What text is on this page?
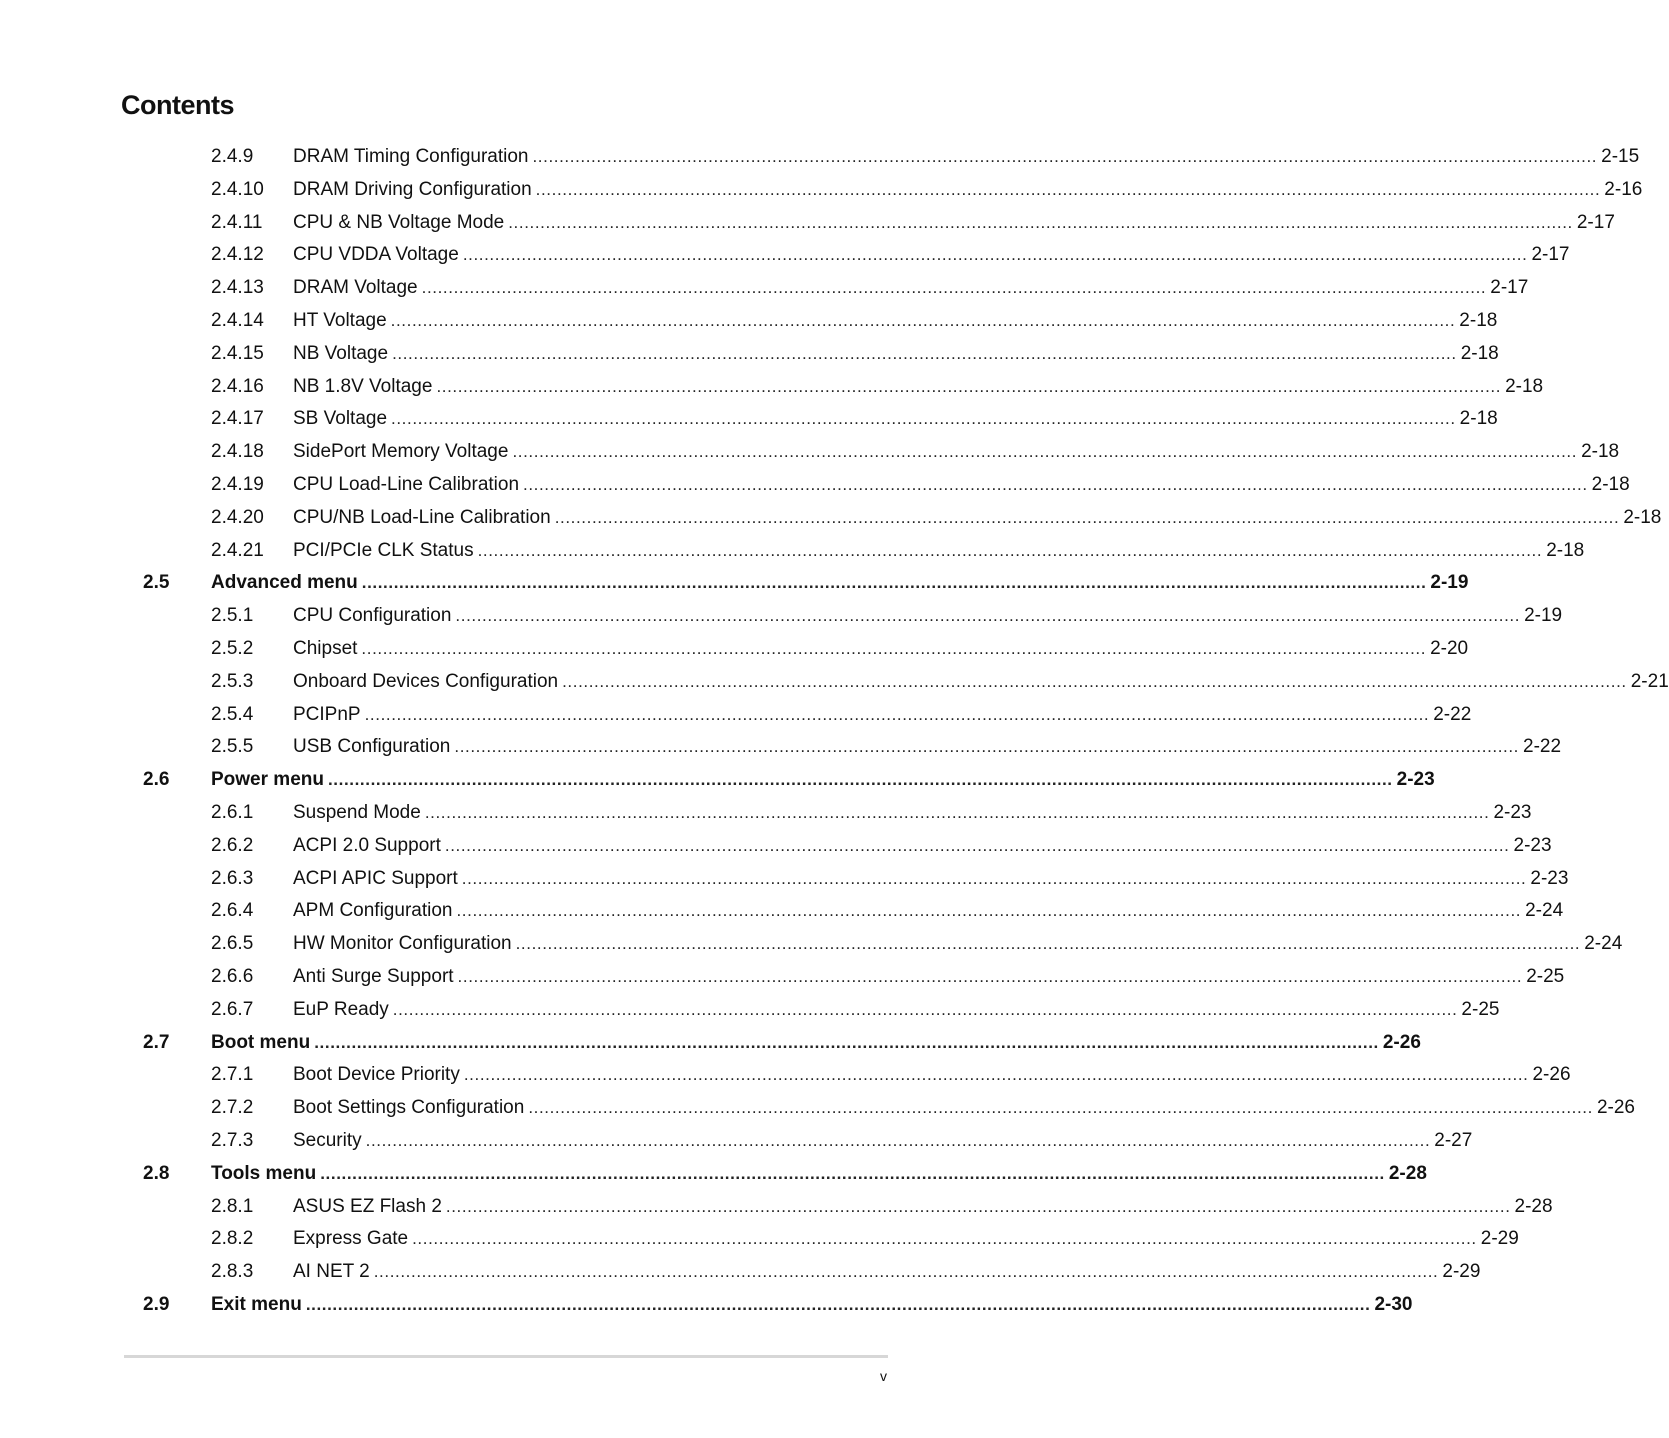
Contents
2.4.9 DRAM Timing Configuration ........................................................................................................................................................................................................ 2-15
2.4.10 DRAM Driving Configuration ........................................................................................................................................................................................................ 2-16
2.4.11 CPU & NB Voltage Mode ........................................................................................................................................................................................................ 2-17
2.4.12 CPU VDDA Voltage ........................................................................................................................................................................................................ 2-17
2.4.13 DRAM Voltage ........................................................................................................................................................................................................ 2-17
2.4.14 HT Voltage ........................................................................................................................................................................................................ 2-18
2.4.15 NB Voltage ........................................................................................................................................................................................................ 2-18
2.4.16 NB 1.8V Voltage ........................................................................................................................................................................................................ 2-18
2.4.17 SB Voltage ........................................................................................................................................................................................................ 2-18
2.4.18 SidePort Memory Voltage ........................................................................................................................................................................................................ 2-18
2.4.19 CPU Load-Line Calibration ........................................................................................................................................................................................................ 2-18
2.4.20 CPU/NB Load-Line Calibration ........................................................................................................................................................................................................ 2-18
2.4.21 PCI/PCIe CLK Status ........................................................................................................................................................................................................ 2-18
2.5 Advanced menu ........................................................................................................................................................................................................ 2-19
2.5.1 CPU Configuration ........................................................................................................................................................................................................ 2-19
2.5.2 Chipset ........................................................................................................................................................................................................ 2-20
2.5.3 Onboard Devices Configuration ........................................................................................................................................................................................................ 2-21
2.5.4 PCIPnP ........................................................................................................................................................................................................ 2-22
2.5.5 USB Configuration ........................................................................................................................................................................................................ 2-22
2.6 Power menu ........................................................................................................................................................................................................ 2-23
2.6.1 Suspend Mode ........................................................................................................................................................................................................ 2-23
2.6.2 ACPI 2.0 Support ........................................................................................................................................................................................................ 2-23
2.6.3 ACPI APIC Support ........................................................................................................................................................................................................ 2-23
2.6.4 APM Configuration ........................................................................................................................................................................................................ 2-24
2.6.5 HW Monitor Configuration ........................................................................................................................................................................................................ 2-24
2.6.6 Anti Surge Support ........................................................................................................................................................................................................ 2-25
2.6.7 EuP Ready ........................................................................................................................................................................................................ 2-25
2.7 Boot menu ........................................................................................................................................................................................................ 2-26
2.7.1 Boot Device Priority ........................................................................................................................................................................................................ 2-26
2.7.2 Boot Settings Configuration ........................................................................................................................................................................................................ 2-26
2.7.3 Security ........................................................................................................................................................................................................ 2-27
2.8 Tools menu ........................................................................................................................................................................................................ 2-28
2.8.1 ASUS EZ Flash 2 ........................................................................................................................................................................................................ 2-28
2.8.2 Express Gate ........................................................................................................................................................................................................ 2-29
2.8.3 AI NET 2 ........................................................................................................................................................................................................ 2-29
2.9 Exit menu ........................................................................................................................................................................................................ 2-30
v
